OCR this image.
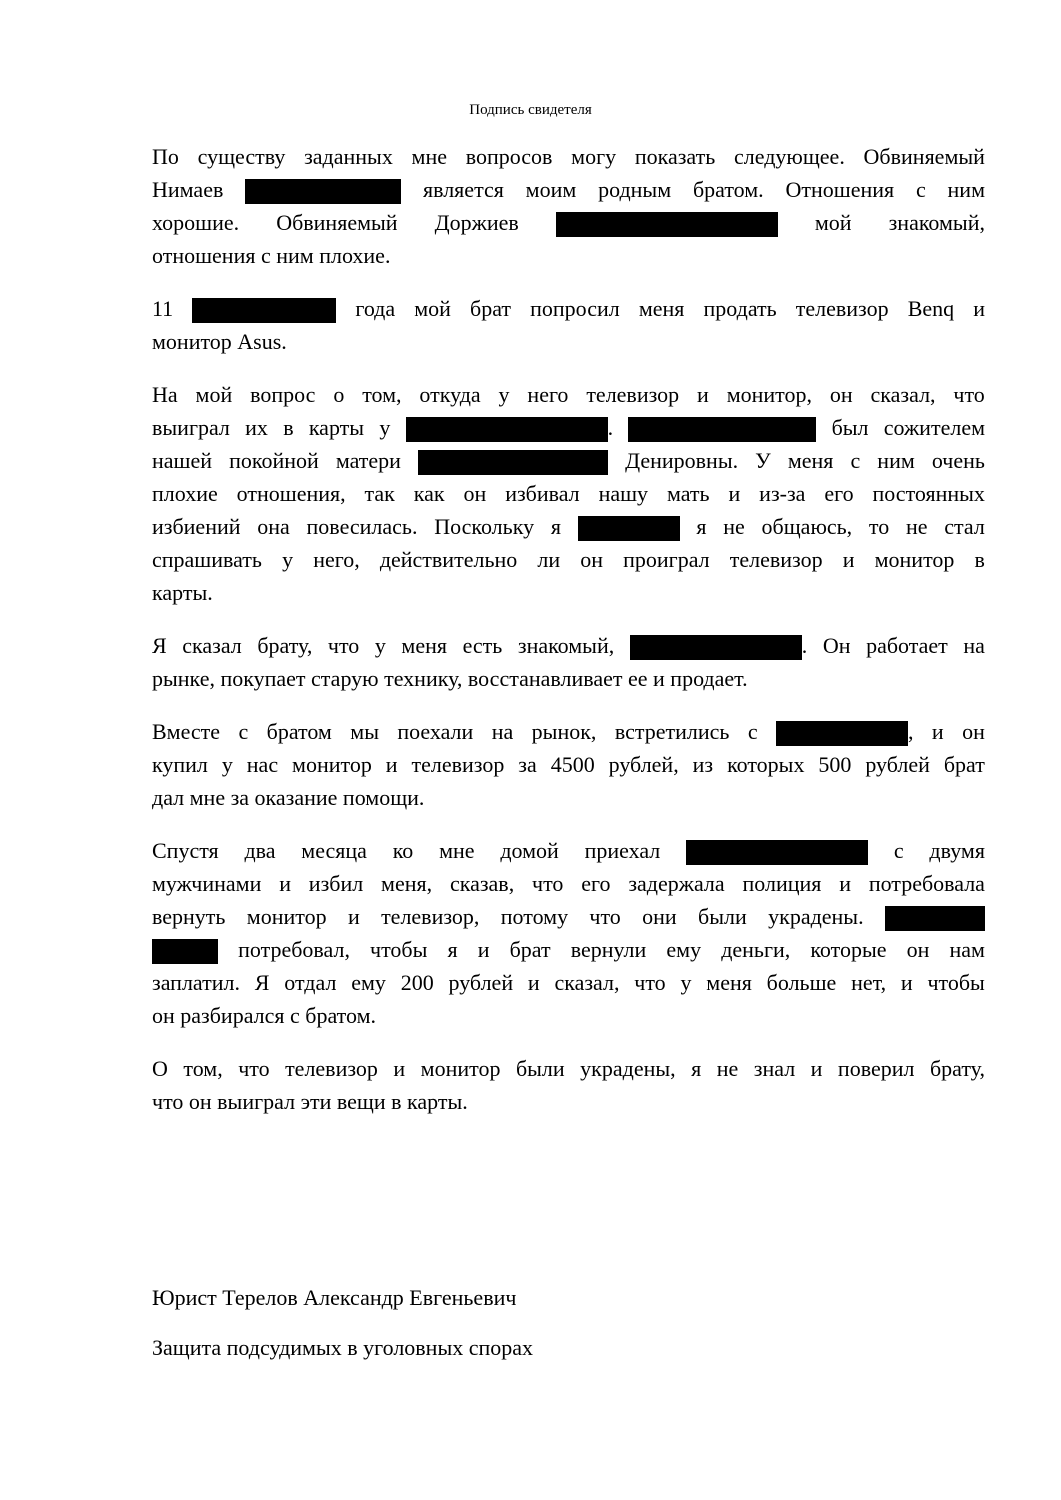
Подпись свидетеля
По существу заданных мне вопросов могу показать следующее. Обвиняемый
Нимаев	является моим родным братом. Отношения с ним
хорошие. Обвиняемый Доржиев	мой знакомый,
отношения с ним плохие.
11	года мой брат попросил меня продать телевизор Benq и
монитор Asus.
На мой вопрос о том, откуда у него телевизор и монитор, он сказал, что
выиграл их в карты у	.	был сожителем
нашей покойной матери	Денировны. У меня с ним очень
плохие отношения, так как он избивал нашу мать и из-за его постоянных
избиений она повесилась. Поскольку я	я не общаюсь, то не стал
спрашивать у него, действительно ли он проиграл телевизор и монитор в
карты.
Я сказал брату, что у меня есть знакомый,	. Он работает на
рынке, покупает старую технику, восстанавливает ее и продает.
Вместе с братом мы поехали на рынок, встретились с	, и он
купил у нас монитор и телевизор за 4500 рублей, из которых 500 рублей брат
дал мне за оказание помощи.
Спустя два месяца ко мне домой приехал	с двумя
мужчинами и избил меня, сказав, что его задержала полиция и потребовала
вернуть монитор и телевизор, потому что они были украдены.
потребовал, чтобы я и брат вернули ему деньги, которые он нам
заплатил. Я отдал ему 200 рублей и сказал, что у меня больше нет, и чтобы
он разбирался с братом.
О том, что телевизор и монитор были украдены, я не знал и поверил брату,
что он выиграл эти вещи в карты.
Юрист Терелов Александр Евгеньевич
Защита подсудимых в уголовных спорах
